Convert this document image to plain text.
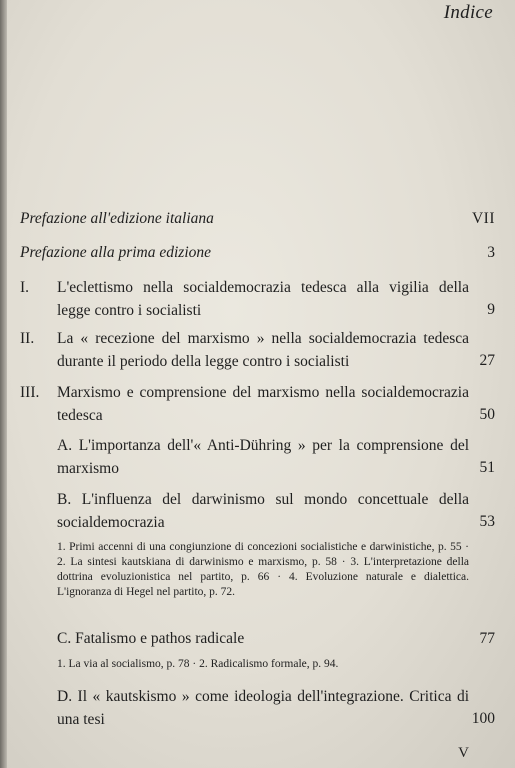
Indice
Prefazione all'edizione italiana	VII
Prefazione alla prima edizione	3
I. L'eclettismo nella socialdemocrazia tedesca alla vigilia della legge contro i socialisti	9
II. La « recezione del marxismo » nella socialdemocrazia tedesca durante il periodo della legge contro i socialisti	27
III. Marxismo e comprensione del marxismo nella socialdemocrazia tedesca	50
A. L'importanza dell'« Anti-Dühring » per la comprensione del marxismo	51
B. L'influenza del darwinismo sul mondo concettuale della socialdemocrazia	53
1. Primi accenni di una congiunzione di concezioni socialistiche e darwinistiche, p. 55 · 2. La sintesi kautskiana di darwinismo e marxismo, p. 58 · 3. L'interpretazione della dottrina evoluzionistica nel partito, p. 66 · 4. Evoluzione naturale e dialettica. L'ignoranza di Hegel nel partito, p. 72.
C. Fatalismo e pathos radicale	77
1. La via al socialismo, p. 78 · 2. Radicalismo formale, p. 94.
D. Il « kautskismo » come ideologia dell'integrazione. Critica di una tesi	100
V
